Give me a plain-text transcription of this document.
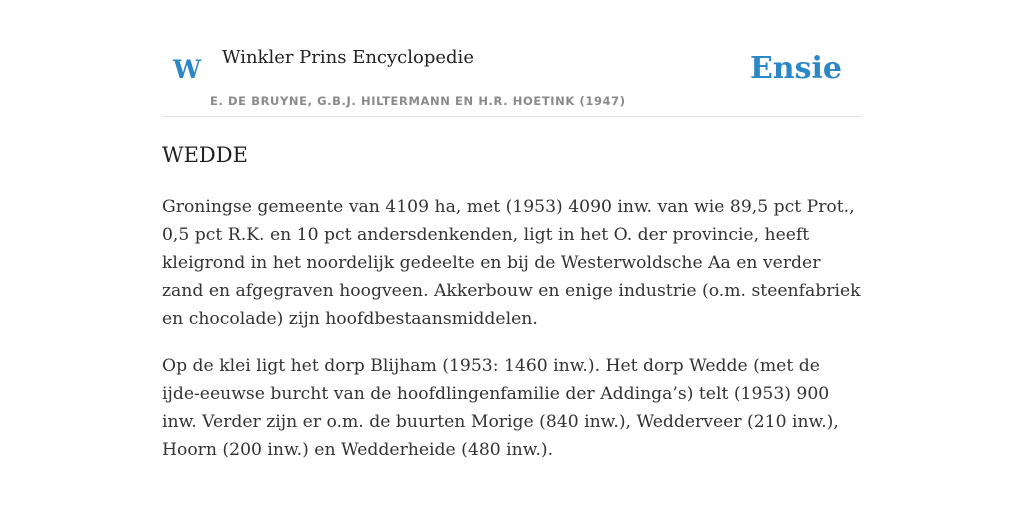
W Winkler Prins Encyclopedie
E. DE BRUYNE, G.B.J. HILTERMANN EN H.R. HOETINK (1947)
Ensie
WEDDE

Groningse gemeente van 4109 ha, met (1953) 4090 inw. van wie 89,5 pct Prot., 0,5 pct R.K. en 10 pct andersdenkenden, ligt in het O. der provincie, heeft kleigrond in het noordelijk gedeelte en bij de Westerwoldsche Aa en verder zand en afgegraven hoogveen. Akkerbouw en enige industrie (o.m. steenfabriek en chocolade) zijn hoofdbestaansmiddelen.

Op de klei ligt het dorp Blijham (1953: 1460 inw.). Het dorp Wedde (met de ijde-eeuwse burcht van de hoofdlingenfamilie der Addinga’s) telt (1953) 900 inw. Verder zijn er o.m. de buurten Morige (840 inw.), Wedderveer (210 inw.), Hoorn (200 inw.) en Wedderheide (480 inw.).
